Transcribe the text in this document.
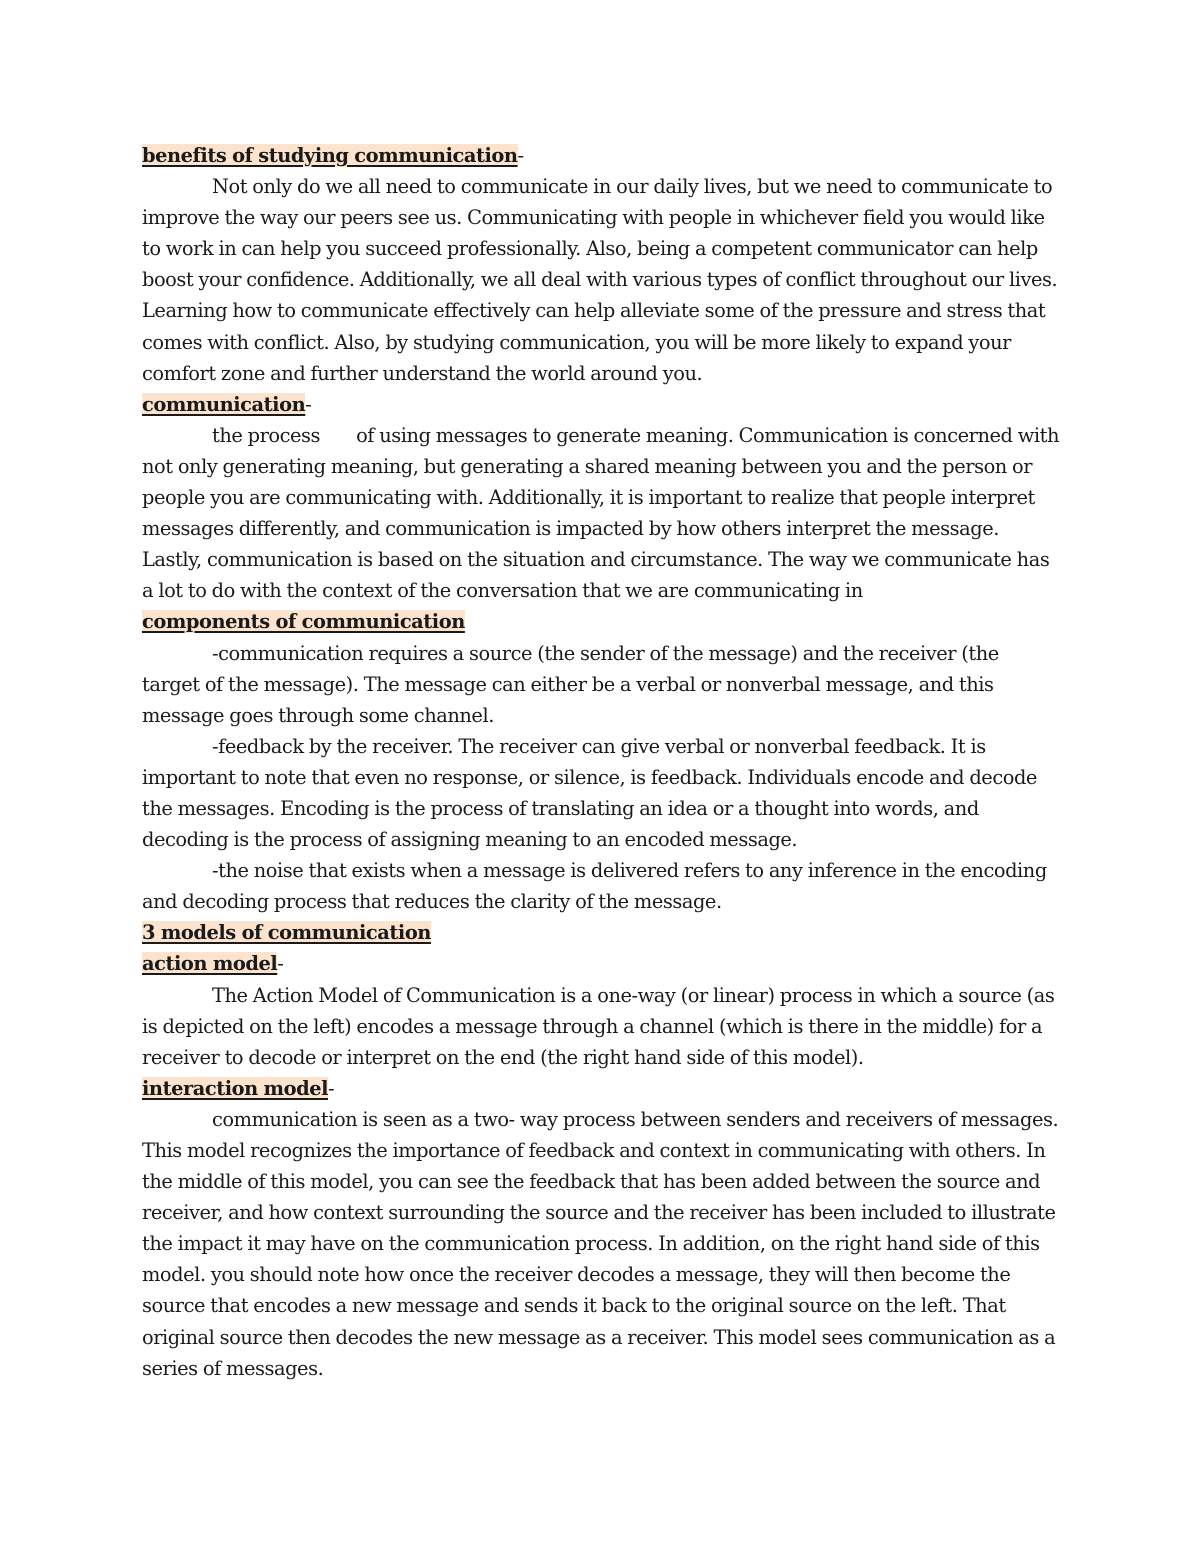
benefits of studying communication-

Not only do we all need to communicate in our daily lives, but we need to communicate to improve the way our peers see us. Communicating with people in whichever field you would like to work in can help you succeed professionally. Also, being a competent communicator can help boost your confidence. Additionally, we all deal with various types of conflict throughout our lives. Learning how to communicate effectively can help alleviate some of the pressure and stress that comes with conflict. Also, by studying communication, you will be more likely to expand your comfort zone and further understand the world around you.

communication-

the process of using messages to generate meaning. Communication is concerned with not only generating meaning, but generating a shared meaning between you and the person or people you are communicating with. Additionally, it is important to realize that people interpret messages differently, and communication is impacted by how others interpret the message. Lastly, communication is based on the situation and circumstance. The way we communicate has a lot to do with the context of the conversation that we are communicating in

components of communication

-communication requires a source (the sender of the message) and the receiver (the target of the message). The message can either be a verbal or nonverbal message, and this message goes through some channel.

-feedback by the receiver. The receiver can give verbal or nonverbal feedback. It is important to note that even no response, or silence, is feedback. Individuals encode and decode the messages. Encoding is the process of translating an idea or a thought into words, and decoding is the process of assigning meaning to an encoded message.

-the noise that exists when a message is delivered refers to any inference in the encoding and decoding process that reduces the clarity of the message.

3 models of communication

action model-

The Action Model of Communication is a one-way (or linear) process in which a source (as is depicted on the left) encodes a message through a channel (which is there in the middle) for a receiver to decode or interpret on the end (the right hand side of this model).

interaction model-

communication is seen as a two- way process between senders and receivers of messages. This model recognizes the importance of feedback and context in communicating with others. In the middle of this model, you can see the feedback that has been added between the source and receiver, and how context surrounding the source and the receiver has been included to illustrate the impact it may have on the communication process. In addition, on the right hand side of this model. you should note how once the receiver decodes a message, they will then become the source that encodes a new message and sends it back to the original source on the left. That original source then decodes the new message as a receiver. This model sees communication as a series of messages.
